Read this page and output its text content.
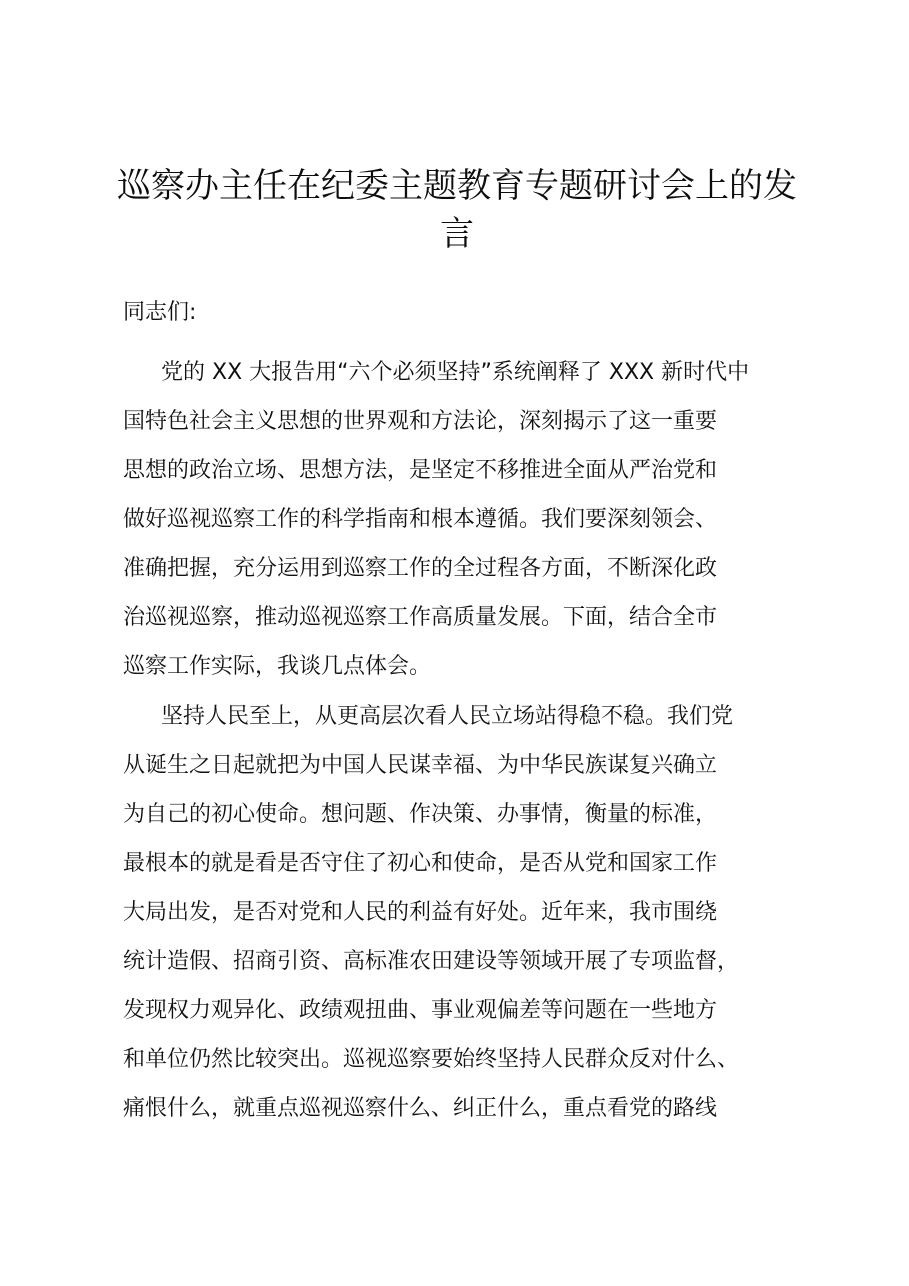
巡察办主任在纪委主题教育专题研讨会上的发
言

同志们:

党的 XX 大报告用“六个必须坚持”系统阐释了 XXX 新时代中
国特色社会主义思想的世界观和方法论，深刻揭示了这一重要
思想的政治立场、思想方法，是坚定不移推进全面从严治党和
做好巡视巡察工作的科学指南和根本遵循。我们要深刻领会、
准确把握，充分运用到巡察工作的全过程各方面，不断深化政
治巡视巡察，推动巡视巡察工作高质量发展。下面，结合全市
巡察工作实际，我谈几点体会。
坚持人民至上，从更高层次看人民立场站得稳不稳。我们党
从诞生之日起就把为中国人民谋幸福、为中华民族谋复兴确立
为自己的初心使命。想问题、作决策、办事情，衡量的标准，
最根本的就是看是否守住了初心和使命，是否从党和国家工作
大局出发，是否对党和人民的利益有好处。近年来，我市围绕
统计造假、招商引资、高标准农田建设等领域开展了专项监督，
发现权力观异化、政绩观扭曲、事业观偏差等问题在一些地方
和单位仍然比较突出。巡视巡察要始终坚持人民群众反对什么、
痛恨什么，就重点巡视巡察什么、纠正什么，重点看党的路线
